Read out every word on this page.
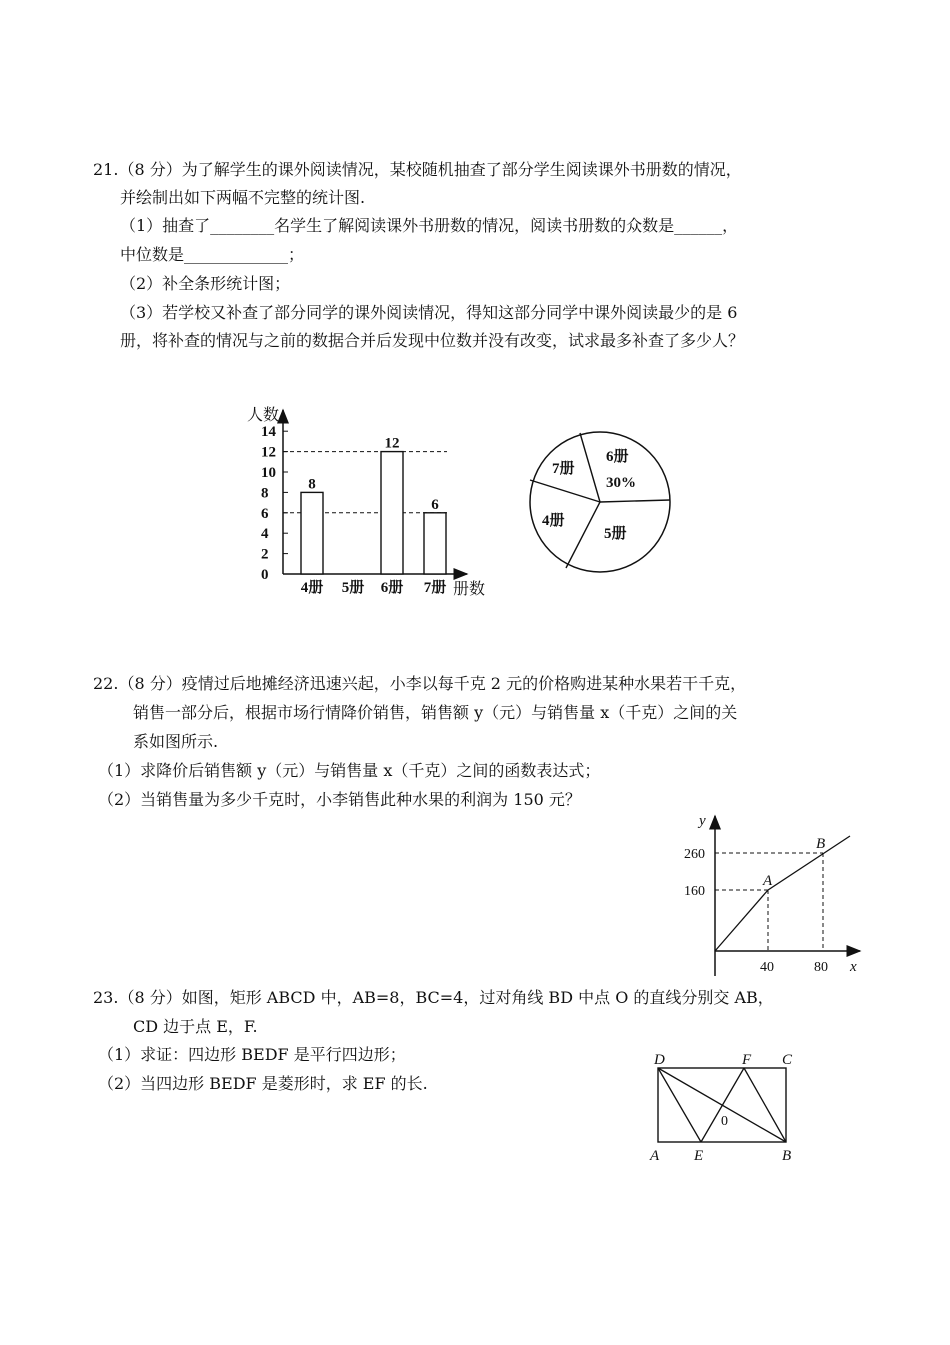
21.（8 分）为了解学生的课外阅读情况，某校随机抽查了部分学生阅读课外书册数的情况，
并绘制出如下两幅不完整的统计图.
（1）抽查了________名学生了解阅读课外书册数的情况，阅读书册数的众数是______，
中位数是_____________；
（2）补全条形统计图；
（3）若学校又补查了部分同学的课外阅读情况，得知这部分同学中课外阅读最少的是 6
册，将补查的情况与之前的数据合并后发现中位数并没有改变，试求最多补查了多少人？
0
2
4
6
8
10
12
14
8
4册 5册
12
6册
6
7册
人数
册数
6册
30%
7册
4册
5册
22.（8 分）疫情过后地摊经济迅速兴起，小李以每千克 2 元的价格购进某种水果若干千克，
销售一部分后，根据市场行情降价销售，销售额 y（元）与销售量 x（千克）之间的关
系如图所示.
（1）求降价后销售额 y（元）与销售量 x（千克）之间的函数表达式；
（2）当销售量为多少千克时，小李销售此种水果的利润为 150 元？
y
x
260
160
40	80
A
B
23.（8 分）如图，矩形 ABCD 中，AB=8，BC=4，过对角线 BD 中点 O 的直线分别交 AB，
CD 边于点 E，F.
（1）求证：四边形 BEDF 是平行四边形；
（2）当四边形 BEDF 是菱形时，求 EF 的长.
D	F C
0
A E	B
